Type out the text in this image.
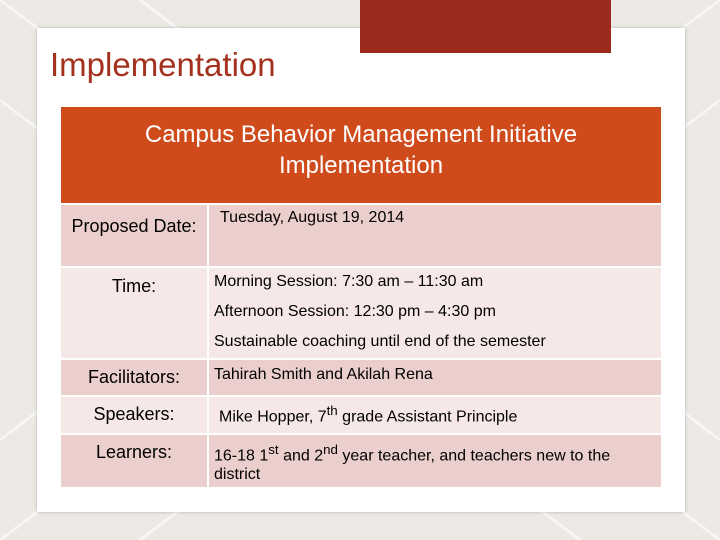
Implementation
Campus Behavior Management Initiative
Implementation
Proposed Date:	Tuesday, August 19, 2014
Time:	Morning Session: 7:30 am – 11:30 am
Afternoon Session: 12:30 pm – 4:30 pm
Sustainable coaching until end of the semester
Facilitators:	Tahirah Smith and Akilah Rena
Speakers:	Mike Hopper, 7th grade Assistant Principle
Learners:	16-18 1st and 2nd year teacher, and teachers new to the district
